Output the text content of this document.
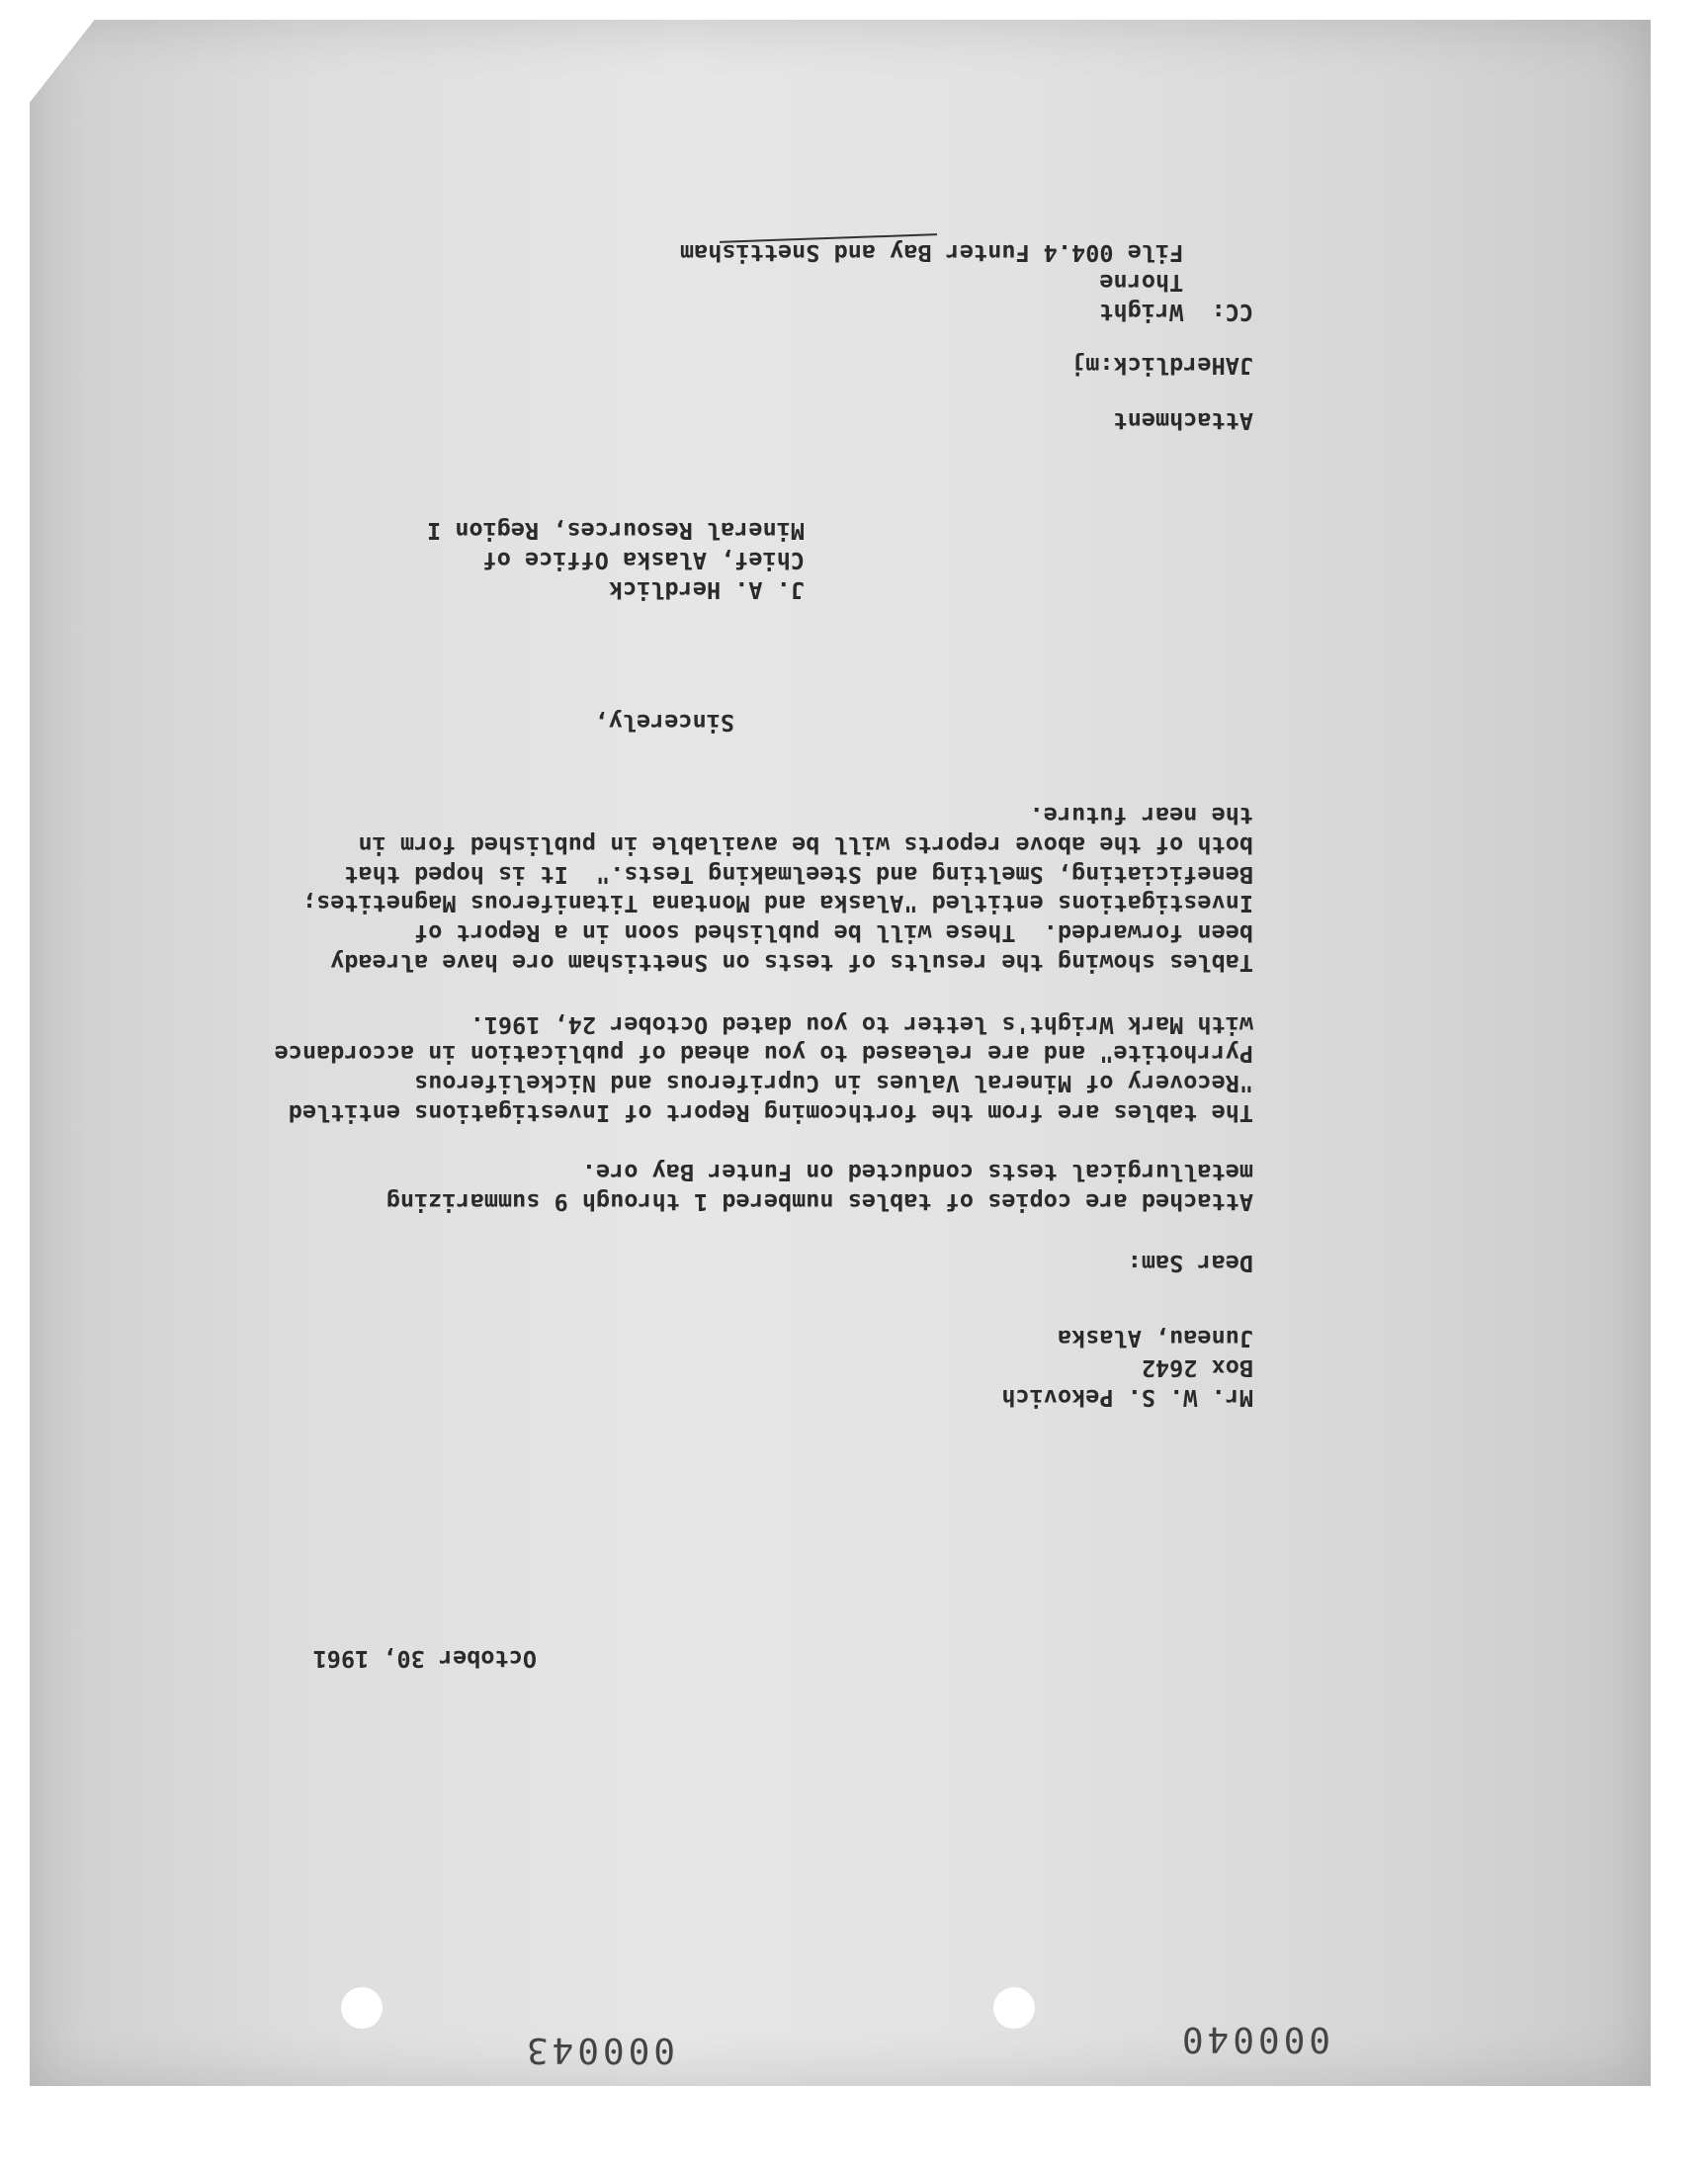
000043	000040
October 30, 1961
Mr. W. S. Pekovich
Box 2642
Juneau, Alaska
Dear Sam:
Attached are copies of tables numbered 1 through 9 summarizing
metallurgical tests conducted on Funter Bay ore.
The tables are from the forthcoming Report of Investigations entitled
"Recovery of Mineral Values in Cupriferous and Nickeliferous
Pyrrhotite" and are released to you ahead of publication in accordance
with Mark Wright's letter to you dated October 24, 1961.
Tables showing the results of tests on Snettisham ore have already
been forwarded.  These will be published soon in a Report of
Investigations entitled "Alaska and Montana Titaniferous Magnetites;
Beneficiating, Smelting and Steelmaking Tests."  It is hoped that
both of the above reports will be available in published form in
the near future.
Sincerely,
J. A. Herdlick
Chief, Alaska Office of
Mineral Resources, Region I
Attachment
JAHerdlick:mj
CC:  Wright
Thorne
File 004.4 Funter Bay and Snettisham
